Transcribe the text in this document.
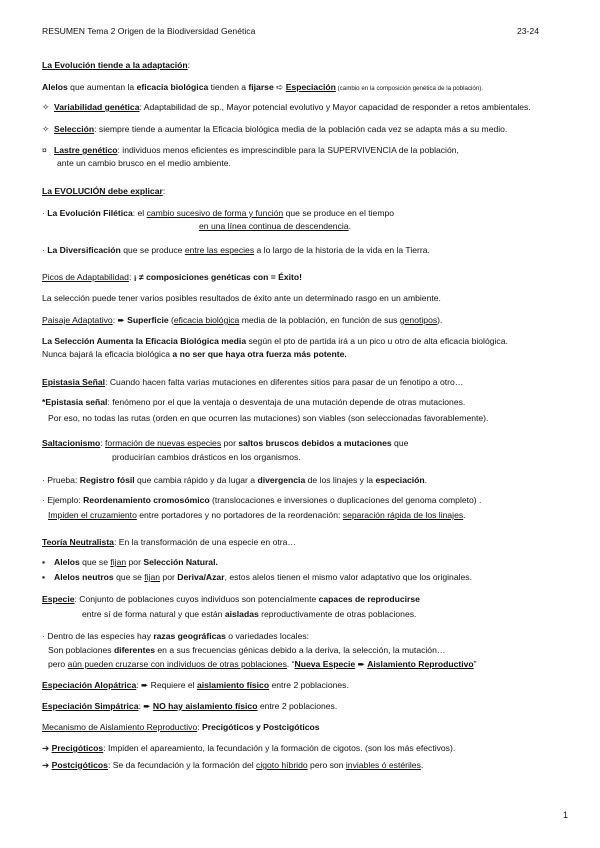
RESUMEN Tema 2 Origen de la Biodiversidad Genética	23-24
La Evolución tiende a la adaptación:
Alelos que aumentan la eficacia biológica tienden a fijarse ➪ Especiación (cambio en la composición genética de la población).
✧ Variabilidad genética: Adaptabilidad de sp., Mayor potencial evolutivo y Mayor capacidad de responder a retos ambientales.
✧ Selección: siempre tiende a aumentar la Eficacia biológica media de la población cada vez se adapta más a su medio.
¤ Lastre genético: individuos menos eficientes es imprescindible para la SUPERVIVENCIA de la población,
ante un cambio brusco en el medio ambiente.
La EVOLUCIÓN debe explicar:
· La Evolución Filética: el cambio sucesivo de forma y función que se produce en el tiempo
en una línea continua de descendencia.
· La Diversificación que se produce entre las especies a lo largo de la historia de la vida en la Tierra.
Picos de Adaptabilidad: ¡ ≠ composiciones genéticas con = Éxito!
La selección puede tener varios posibles resultados de éxito ante un determinado rasgo en un ambiente.
Paisaje Adaptativo: ➨ Superficie (eficacia biológica media de la población, en función de sus genotipos).
La Selección Aumenta la Eficacia Biológica media según el pto de partida irá a un pico u otro de alta eficacia biológica.
Nunca bajará la eficacia biológica a no ser que haya otra fuerza más potente.
Epistasia Señal: Cuando hacen falta varias mutaciones en diferentes sitios para pasar de un fenotipo a otro…
*Epistasia señal: fenómeno por el que la ventaja o desventaja de una mutación depende de otras mutaciones.
Por eso, no todas las rutas (orden en que ocurren las mutaciones) son viables (son seleccionadas favorablemente).
Saltacionismo: formación de nuevas especies por saltos bruscos debidos a mutaciones que
producirían cambios drásticos en los organismos.
· Prueba: Registro fósil que cambia rápido y da lugar a divergencia de los linajes y la especiación.
· Ejemplo: Reordenamiento cromosómico (translocaciones e inversiones o duplicaciones del genoma completo) .
Impiden el cruzamiento entre portadores y no portadores de la reordenación: separación rápida de los linajes.
Teoría Neutralista: En la transformación de una especie en otra…
▪ Alelos que se fijan por Selección Natural.
▪ Alelos neutros que se fijan por Deriva/Azar, estos alelos tienen el mismo valor adaptativo que los originales.
Especie: Conjunto de poblaciones cuyos individuos son potencialmente capaces de reproducirse
entre sí de forma natural y que están aisladas reproductivamente de otras poblaciones.
· Dentro de las especies hay razas geográficas o variedades locales:
Son poblaciones diferentes en a sus frecuencias génicas debido a la deriva, la selección, la mutación…
pero aún pueden cruzarse con individuos de otras poblaciones. “Nueva Especie ➨ Aislamiento Reproductivo”
Especiación Alopátrica: ➨ Requiere el aislamiento físico entre 2 poblaciones.
Especiación Simpátrica: ➨ NO hay aislamiento físico entre 2 poblaciones.
Mecanismo de Aislamiento Reproductivo: Precigóticos y Postcigóticos
➔ Precigóticos: Impiden el apareamiento, la fecundación y la formación de cigotos. (son los más efectivos).
➔ Postcigóticos: Se da fecundación y la formación del cigoto híbrido pero son inviables ó estériles.
1
